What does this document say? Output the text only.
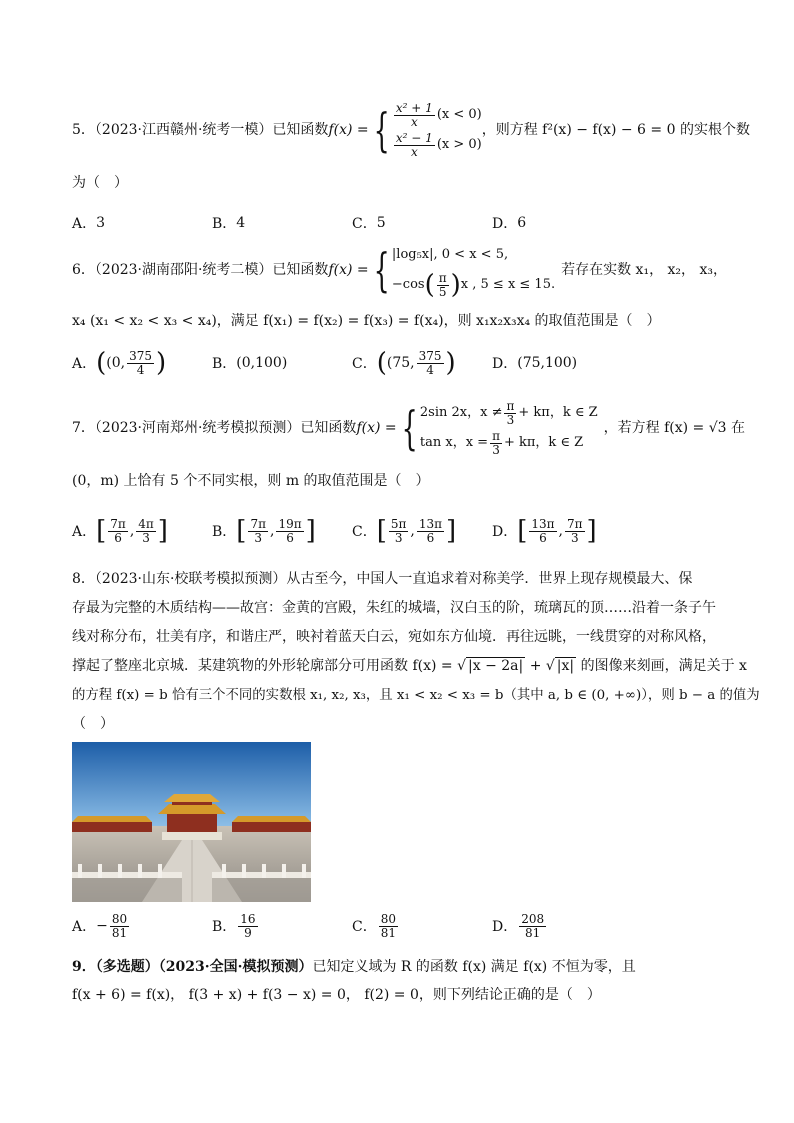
5．（2023·江西赣州·统考一模）已知函数 f(x) = { $\frac{\text{x² + 1}}{x} (x < 0)$
$\frac{\text{x² − 1}}{x} (x > 0)$
，则方程 f²(x) − f(x) − 6 = 0 的实根个数
为（　）
A． 3	B． 4	C． 5	D． 6
6．（2023·湖南邵阳·统考二模）已知函数 f(x) = { |log₅x|, 0 < x < 5,
−cos ( $\frac{\pi}{5}$ ) x , 5 ≤ x ≤ 15.
若存在实数 x₁， x₂， x₃，
x₄ (x₁ < x₂ < x₃ < x₄)，满足 f(x₁) = f(x₂) = f(x₃) = f(x₄)，则 x₁x₂x₃x₄ 的取值范围是（　）
A． ( (0, $\frac{375}{4}$ )	B． (0,100)	C． ( (75, $\frac{375}{4}$ )	D． (75,100)
7．（2023·河南郑州·统考模拟预测）已知函数 f(x) = { 2sin 2x，$x \ne \frac{\pi}{3} + k\pi$，k ∈ Z
tan x，$x = \frac{\pi}{3} + k\pi$，k ∈ Z
，若方程 f(x) = √3 在
(0，m) 上恰有 5 个不同实根，则 m 的取值范围是（　）
A． [ $\frac{7\pi}{6}$ , $\frac{4\pi}{3}$ ]	B． [ $\frac{7\pi}{3}$ , $\frac{19\pi}{6}$ ]	C． [ $\frac{5\pi}{3}$ , $\frac{13\pi}{6}$ ]	D． [ $\frac{13\pi}{6}$ , $\frac{7\pi}{3}$ ]
8．（2023·山东·校联考模拟预测）从古至今，中国人一直追求着对称美学．世界上现存规模最大、保
存最为完整的木质结构——故宫：金黄的宫殿，朱红的城墙，汉白玉的阶，琉璃瓦的顶……沿着一条子午
线对称分布，壮美有序，和谐庄严，映衬着蓝天白云，宛如东方仙境．再往远眺，一线贯穿的对称风格，
撑起了整座北京城．某建筑物的外形轮廓部分可用函数 f(x) = √ |x − 2a| + √ |x| 的图像来刻画，满足关于 x
的方程 f(x) = b 恰有三个不同的实数根 x₁, x₂, x₃，且 x₁ < x₂ < x₃ = b（其中 a, b ∈ (0, +∞)），则 b − a 的值为
（　）
A． − $\frac{80}{81}$	B． $\frac{16}{9}$	C． $\frac{80}{81}$	D． $\frac{208}{81}$
9．（多选题）（2023·全国·模拟预测）已知定义域为 R 的函数 f(x) 满足 f(x) 不恒为零，且
f(x + 6) = f(x)， f(3 + x) + f(3 − x) = 0， f(2) = 0，则下列结论正确的是（　）
